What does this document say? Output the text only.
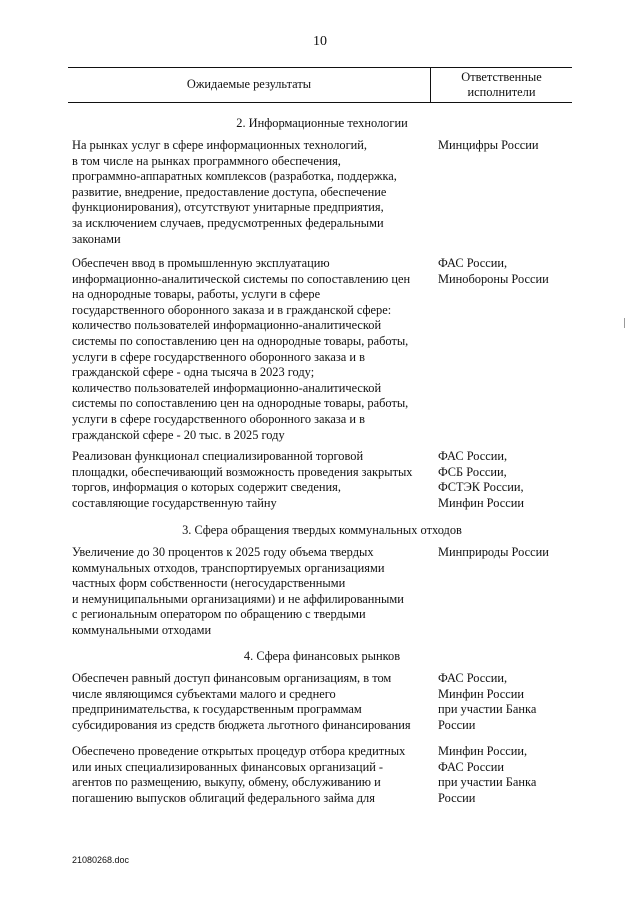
10
Ожидаемые результаты	Ответственные
исполнители
2. Информационные технологии
На рынках услуг в сфере информационных технологий,
в том числе на рынках программного обеспечения,
программно-аппаратных комплексов (разработка, поддержка,
развитие, внедрение, предоставление доступа, обеспечение
функционирования), отсутствуют унитарные предприятия,
за исключением случаев, предусмотренных федеральными
законами
Минцифры России
Обеспечен ввод в промышленную эксплуатацию
информационно-аналитической системы по сопоставлению цен
на однородные товары, работы, услуги в сфере
государственного оборонного заказа и в гражданской сфере:
количество пользователей информационно-аналитической
системы по сопоставлению цен на однородные товары, работы,
услуги в сфере государственного оборонного заказа и в
гражданской сфере - одна тысяча в 2023 году;
количество пользователей информационно-аналитической
системы по сопоставлению цен на однородные товары, работы,
услуги в сфере государственного оборонного заказа и в
гражданской сфере - 20 тыс. в 2025 году
ФАС России,
Минобороны России
Реализован функционал специализированной торговой
площадки, обеспечивающий возможность проведения закрытых
торгов, информация о которых содержит сведения,
составляющие государственную тайну
ФАС России,
ФСБ России,
ФСТЭК России,
Минфин России
3. Сфера обращения твердых коммунальных отходов
Увеличение до 30 процентов к 2025 году объема твердых
коммунальных отходов, транспортируемых организациями
частных форм собственности (негосударственными
и немуниципальными организациями) и не аффилированными
с региональным оператором по обращению с твердыми
коммунальными отходами
Минприроды России
4. Сфера финансовых рынков
Обеспечен равный доступ финансовым организациям, в том
числе являющимся субъектами малого и среднего
предпринимательства, к государственным программам
субсидирования из средств бюджета льготного финансирования
ФАС России,
Минфин России
при участии Банка
России
Обеспечено проведение открытых процедур отбора кредитных
или иных специализированных финансовых организаций -
агентов по размещению, выкупу, обмену, обслуживанию и
погашению выпусков облигаций федерального займа для
Минфин России,
ФАС России
при участии Банка
России
21080268.doc
